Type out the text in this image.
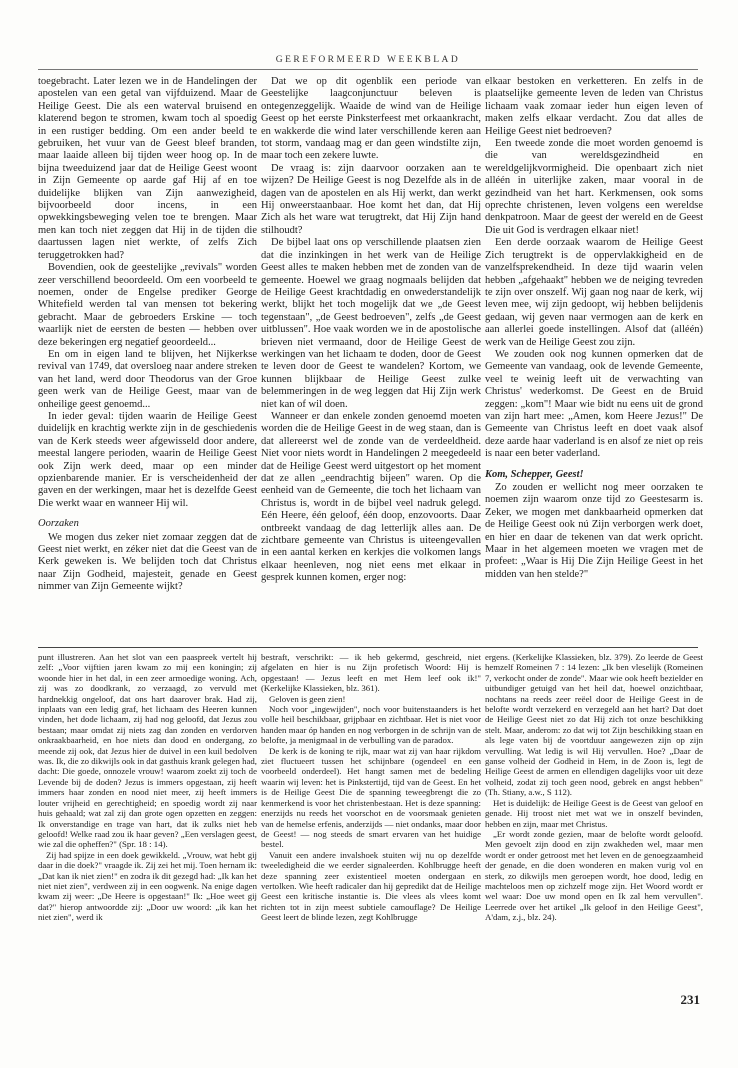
GEREFORMEERD WEEKBLAD

toegebracht. Later lezen we in de Handelingen der apostelen van een getal van vijfduizend. Maar de Heilige Geest. Die als een waterval bruisend en klaterend begon te stromen, kwam toch al spoedig in een rustiger bedding. Om een ander beeld te gebruiken, het vuur van de Geest bleef branden, maar laaide alleen bij tijden weer hoog op. In de bijna tweeduizend jaar dat de Heilige Geest woont in Zijn Gemeente op aarde gaf Hij af en toe duidelijke blijken van Zijn aanwezigheid, bijvoorbeeld door incens, in een opwekkingsbeweging velen toe te brengen. Maar men kan toch niet zeggen dat Hij in de tijden die daartussen lagen niet werkte, of zelfs Zich teruggetrokken had?

Bovendien, ook de geestelijke „revivals" worden zeer verschillend beoordeeld. Om een voorbeeld te noemen, onder de Engelse prediker George Whitefield werden tal van mensen tot bekering gebracht. Maar de gebroeders Erskine — toch waarlijk niet de eersten de besten — hebben over deze bekeringen erg negatief geoordeeld...

En om in eigen land te blijven, het Nijkerkse revival van 1749, dat oversloeg naar andere streken van het land, werd door Theodorus van der Groe geen werk van de Heilige Geest, maar van de onheilige geest genoemd...

In ieder geval: tijden waarin de Heilige Geest duidelijk en krachtig werkte zijn in de geschiedenis van de Kerk steeds weer afgewisseld door andere, meestal langere perioden, waarin de Heilige Geest ook Zijn werk deed, maar op een minder opzienbarende manier. Er is verscheidenheid der gaven en der werkingen, maar het is dezelfde Geest Die werkt waar en wanneer Hij wil.

Oorzaken

We mogen dus zeker niet zomaar zeggen dat de Geest niet werkt, en zéker niet dat die Geest van de Kerk geweken is. We belijden toch dat Christus naar Zijn Godheid, majesteit, genade en Geest nimmer van Zijn Gemeente wijkt?

Dat we op dit ogenblik een periode van Geestelijke laagconjunctuur beleven is ontegenzeggelijk. Waaide de wind van de Heilige Geest op het eerste Pinksterfeest met orkaankracht, en wakkerde die wind later verschillende keren aan tot storm, vandaag mag er dan geen windstilte zijn, maar toch een zekere luwte.

De vraag is: zijn daarvoor oorzaken aan te wijzen? De Heilige Geest is nog Dezelfde als in de dagen van de apostelen en als Hij werkt, dan werkt Hij onweerstaanbaar. Hoe komt het dan, dat Hij Zich als het ware wat terugtrekt, dat Hij Zijn hand stilhoudt?

De bijbel laat ons op verschillende plaatsen zien dat die inzinkingen in het werk van de Heilige Geest alles te maken hebben met de zonden van de gemeente. Hoewel we graag nogmaals belijden dat de Heilige Geest krachtdadig en onwederstandelijk werkt, blijkt het toch mogelijk dat we „de Geest tegenstaan", „de Geest bedroeven", zelfs „de Geest uitblussen". Hoe vaak worden we in de apostolische brieven niet vermaand, door de Heilige Geest de werkingen van het lichaam te doden, door de Geest te leven door de Geest te wandelen? Kortom, we kunnen blijkbaar de Heilige Geest zulke belemmeringen in de weg leggen dat Hij Zijn werk niet kan of wil doen.

Wanneer er dan enkele zonden genoemd moeten worden die de Heilige Geest in de weg staan, dan is dat allereerst wel de zonde van de verdeeldheid. Niet voor niets wordt in Handelingen 2 meegedeeld dat de Heilige Geest werd uitgestort op het moment dat ze allen „eendrachtig bijeen" waren. Op die eenheid van de Gemeente, die toch het lichaam van Christus is, wordt in de bijbel veel nadruk gelegd. Eén Heere, één geloof, één doop, enzovoorts. Daar ontbreekt vandaag de dag letterlijk alles aan. De zichtbare gemeente van Christus is uiteengevallen in een aantal kerken en kerkjes die volkomen langs elkaar heenleven, nog niet eens met elkaar in gesprek kunnen komen, erger nog:

elkaar bestoken en verketteren. En zelfs in de plaatselijke gemeente leven de leden van Christus lichaam vaak zomaar ieder hun eigen leven of maken zelfs elkaar verdacht. Zou dat alles de Heilige Geest niet bedroeven?

Een tweede zonde die moet worden genoemd is die van wereldsgezindheid en wereldgelijkvormigheid. Die openbaart zich niet alléén in uiterlijke zaken, maar vooral in de gezindheid van het hart. Kerkmensen, ook soms oprechte christenen, leven volgens een wereldse denkpatroon. Maar de geest der wereld en de Geest Die uit God is verdragen elkaar niet!

Een derde oorzaak waarom de Heilige Geest Zich terugtrekt is de oppervlakkigheid en de vanzelfsprekendheid. In deze tijd waarin velen hebben „afgehaakt" hebben we de neiging tevreden te zijn over onszelf. Wij gaan nog naar de kerk, wij leven mee, wij zijn gedoopt, wij hebben belijdenis gedaan, wij geven naar vermogen aan de kerk en aan allerlei goede instellingen. Alsof dat (alléén) werk van de Heilige Geest zou zijn.

We zouden ook nog kunnen opmerken dat de Gemeente van vandaag, ook de levende Gemeente, veel te weinig leeft uit de verwachting van Christus' wederkomst. De Geest en de Bruid zeggen: „kom"! Maar wie bidt nu eens uit de grond van zijn hart mee: „Amen, kom Heere Jezus!" De Gemeente van Christus leeft en doet vaak alsof deze aarde haar vaderland is en alsof ze niet op reis is naar een beter vaderland.

Kom, Schepper, Geest!

Zo zouden er wellicht nog meer oorzaken te noemen zijn waarom onze tijd zo Geestesarm is. Zeker, we mogen met dankbaarheid opmerken dat de Heilige Geest ook nú Zijn verborgen werk doet, en hier en daar de tekenen van dat werk opricht. Maar in het algemeen moeten we vragen met de profeet: „Waar is Hij Die Zijn Heilige Geest in het midden van hen stelde?"

punt illustreren. Aan het slot van een paaspreek vertelt hij zelf: „Voor vijftien jaren kwam zo mij een koningin; zij woonde hier in het dal, in een zeer armoedige woning. Ach, zij was zo doodkrank, zo verzaagd, zo vervuld met hardnekkig ongeloof, dat ons hart daarover brak. Had zij, inplaats van een ledig graf, het lichaam des Heeren kunnen vinden, het dode lichaam, zij had nog geloofd, dat Jezus zou bestaan; maar omdat zij niets zag dan zonden en verdorven onkraakbaarheid, en hoe niets dan dood en ondergang, zo meende zij ook, dat Jezus hier de duivel in een kuil bedolven was. Ik, die zo dikwijls ook in dat gasthuis krank gelegen had, dacht: Die goede, onnozele vrouw! waarom zoekt zij toch de Levende bij de doden? Jezus is immers opgestaan, zij heeft immers haar zonden en nood niet meer, zij heeft immers louter vrijheid en gerechtigheid; en spoedig wordt zij naar huis gehaald; wat zal zij dan grote ogen opzetten en zeggen: Ik onverstandige en trage van hart, dat ik zulks niet heb geloofd! Welke raad zou ik haar geven? „Een verslagen geest, wie zal die opheffen?" (Spr. 18 : 14).

Zij had spijze in een doek gewikkeld. „Vrouw, wat hebt gij daar in die doek?" vraagde ik. Zij zei het mij. Toen hernam ik: „Dat kan ik niet zien!" en zodra ik dit gezegd had: „Ik kan het niet niet zien", verdween zij in een oogwenk. Na enige dagen kwam zij weer: „De Heere is opgestaan!" Ik: „Hoe weet gij dat?" hierop antwoordde zij: „Door uw woord: „ik kan het niet zien", werd ik

bestraft, verschrikt: — ik heb gekermd, geschreid, niet afgelaten en hier is nu Zijn profetisch Woord: Hij is opgestaan! — Jezus leeft en met Hem leef ook ik!" (Kerkelijke Klassieken, blz. 361).

Geloven is geen zien!

Noch voor „ingewijden", noch voor buitenstaanders is het volle heil beschikbaar, grijpbaar en zichtbaar. Het is niet voor handen maar óp handen en nog verborgen in de schrijn van de belofte, ja menigmaal in de verbulling van de paradox.

De kerk is de koning te rijk, maar wat zij van haar rijkdom ziet fluctueert tussen het schijnbare (ogendeel en een voorbeeld onderdeel). Het hangt samen met de bedeling waarin wij leven: het is Pinkstertijd, tijd van de Geest. En het is de Heilige Geest Die de spanning teweegbrengt die zo kenmerkend is voor het christenbestaan. Het is deze spanning: enerzijds nu reeds het voorschot en de voorsmaak genieten van de hemelse erfenis, anderzijds — niet ondanks, maar door de Geest! — nog steeds de smart ervaren van het huidige bestel.

Vanuit een andere invalshoek stuiten wij nu op dezelfde tweeledigheid die we eerder signaleerden. Kohlbrugge heeft deze spanning zeer existentieel moeten ondergaan en vertolken. Wie heeft radicaler dan hij gepredikt dat de Heilige Geest een kritische instantie is. Die vlees als vlees komt richten tot in zijn meest subtiele camouflage? De Heilige Geest leert de blinde lezen, zegt Kohlbrugge

ergens. (Kerkelijke Klassieken, blz. 379). Zo leerde de Geest hemzelf Romeinen 7 : 14 lezen: „Ik ben vleselijk (Romeinen 7, verkocht onder de zonde". Maar wie ook heeft bezielder en uitbundiger getuigd van het heil dat, hoewel onzichtbaar, nochtans na reeds zeer reëel door de Heilige Geest in de belofte wordt verzekerd en verzegeld aan het hart? Dat doet de Heilige Geest niet zo dat Hij zich tot onze beschikking stelt. Maar, anderom: zo dat wij tot Zijn beschikking staan en als lege vaten bij de voortduur aangewezen zijn op zijn vervulling. Wat ledig is wil Hij vervullen. Hoe? „Daar de ganse volheid der Godheid in Hem, in de Zoon is, legt de Heilige Geest de armen en ellendigen dagelijks voor uit deze volheid, zodat zij toch geen nood, gebrek en angst hebben" (Th. Stiany, a.w., S 112).

Het is duidelijk: de Heilige Geest is de Geest van geloof en genade. Hij troost niet met wat we in onszelf bevinden, hebben en zijn, maar met Christus.

„Er wordt zonde gezien, maar de belofte wordt geloofd. Men gevoelt zijn dood en zijn zwakheden wel, maar men wordt er onder getroost met het leven en de genoegzaamheid der genade, en die doen wonderen en maken vurig vol en sterk, zo dikwijls men geroepen wordt, hoe dood, ledig en machteloos men op zichzelf moge zijn. Het Woord wordt er wel waar: Doe uw mond open en Ik zal hem vervullen". Leerrede over het artikel „Ik geloof in den Heilige Geest", A'dam, z.j., blz. 24).

231
